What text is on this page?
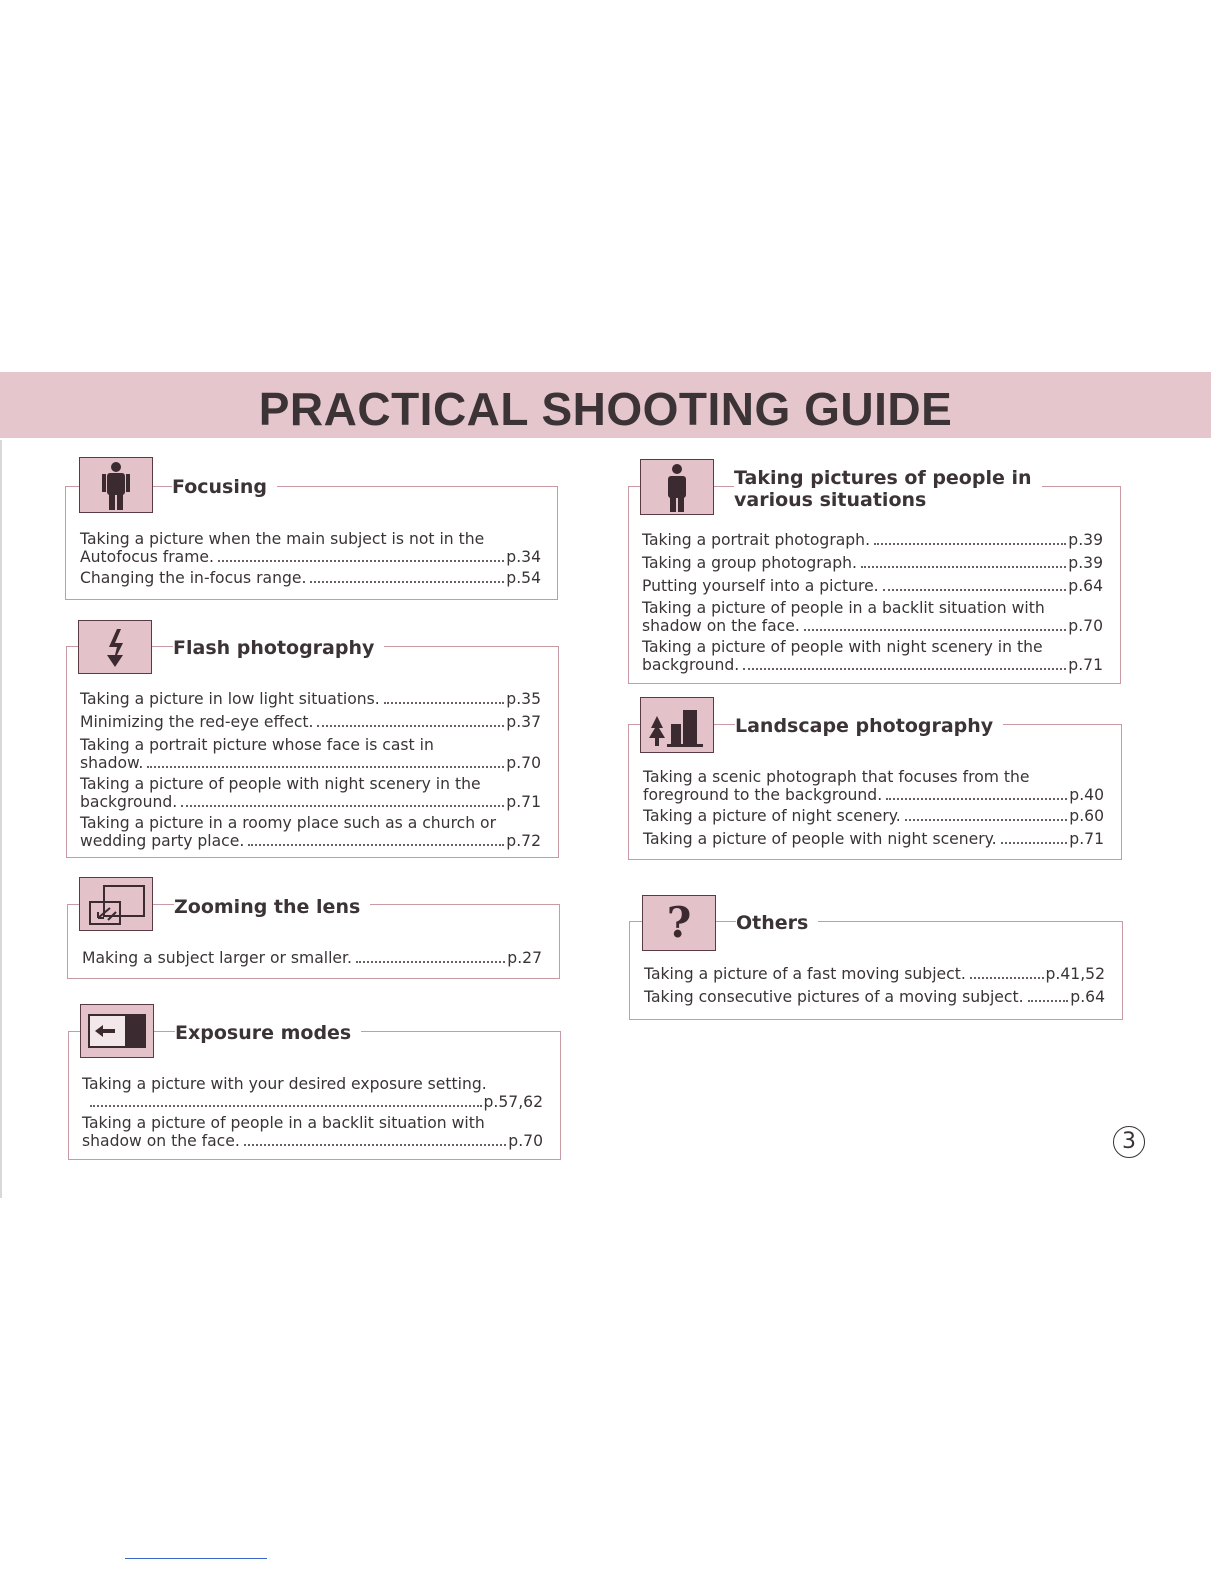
PRACTICAL SHOOTING GUIDE
Focusing
Taking a picture when the main subject is not in the
Autofocus frame.	p.34
Changing the in-focus range.	p.54
Flash photography
Taking a picture in low light situations.	p.35
Minimizing the red-eye effect.	p.37
Taking a portrait picture whose face is cast in
shadow.	p.70
Taking a picture of people with night scenery in the
background.	p.71
Taking a picture in a roomy place such as a church or
wedding party place.	p.72
Zooming the lens
Making a subject larger or smaller.	p.27
Exposure modes
Taking a picture with your desired exposure setting.
p.57,62
Taking a picture of people in a backlit situation with
shadow on the face.	p.70
Taking pictures of people in
various situations
Taking a portrait photograph.	p.39
Taking a group photograph.	p.39
Putting yourself into a picture.	p.64
Taking a picture of people in a backlit situation with
shadow on the face.	p.70
Taking a picture of people with night scenery in the
background.	p.71
Landscape photography
Taking a scenic photograph that focuses from the
foreground to the background.	p.40
Taking a picture of night scenery.	p.60
Taking a picture of people with night scenery.	p.71
?	Others
Taking a picture of a fast moving subject.	p.41,52
Taking consecutive pictures of a moving subject.	p.64
3
